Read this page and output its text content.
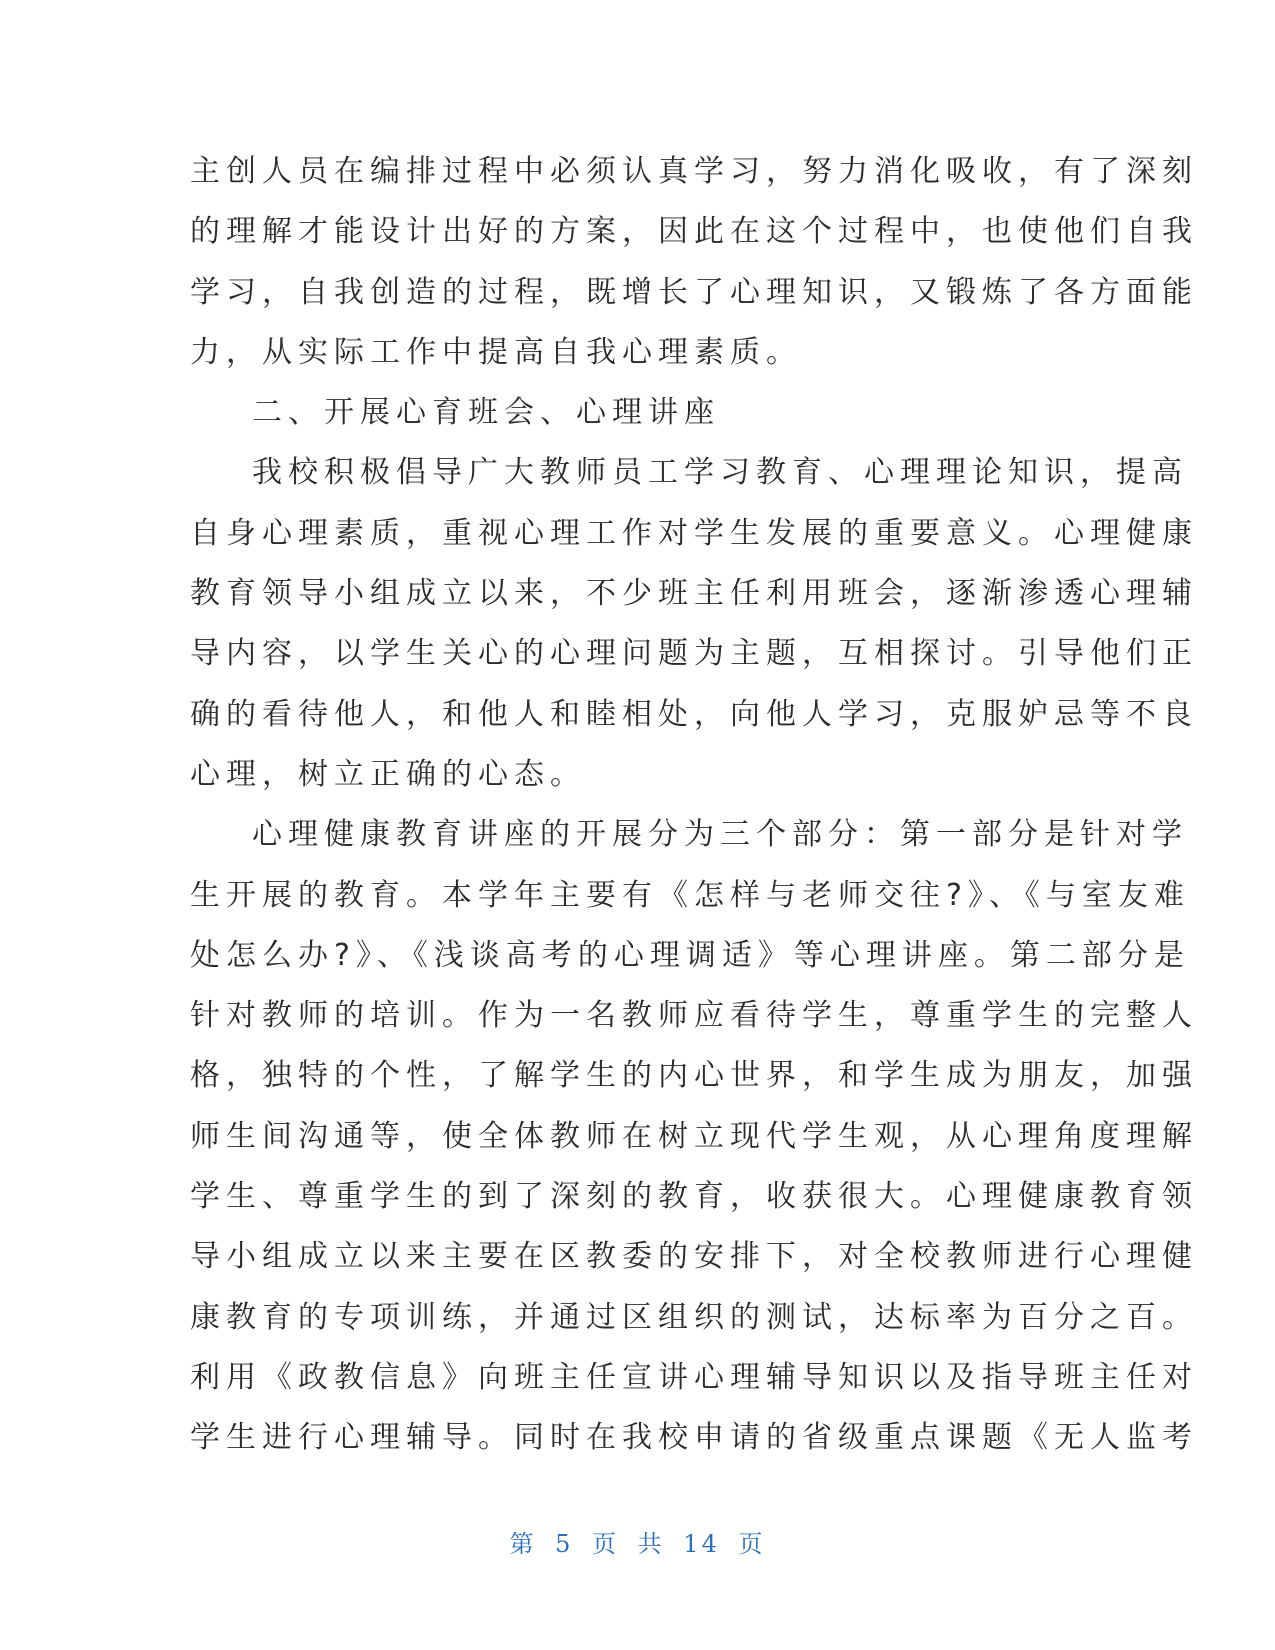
主创人员在编排过程中必须认真学习，努力消化吸收，有了深刻

的理解才能设计出好的方案，因此在这个过程中，也使他们自我

学习，自我创造的过程，既增长了心理知识，又锻炼了各方面能

力，从实际工作中提高自我心理素质。

二、开展心育班会、心理讲座

我校积极倡导广大教师员工学习教育、心理理论知识，提高

自身心理素质，重视心理工作对学生发展的重要意义。心理健康

教育领导小组成立以来，不少班主任利用班会，逐渐渗透心理辅

导内容，以学生关心的心理问题为主题，互相探讨。引导他们正

确的看待他人，和他人和睦相处，向他人学习，克服妒忌等不良

心理，树立正确的心态。

心理健康教育讲座的开展分为三个部分：第一部分是针对学

生开展的教育。本学年主要有《怎样与老师交往?》、《与室友难

处怎么办?》、《浅谈高考的心理调适》等心理讲座。第二部分是

针对教师的培训。作为一名教师应看待学生，尊重学生的完整人

格，独特的个性，了解学生的内心世界，和学生成为朋友，加强

师生间沟通等，使全体教师在树立现代学生观，从心理角度理解

学生、尊重学生的到了深刻的教育，收获很大。心理健康教育领

导小组成立以来主要在区教委的安排下，对全校教师进行心理健

康教育的专项训练，并通过区组织的测试，达标率为百分之百。

利用《政教信息》向班主任宣讲心理辅导知识以及指导班主任对

学生进行心理辅导。同时在我校申请的省级重点课题《无人监考

第 5 页 共 14 页
